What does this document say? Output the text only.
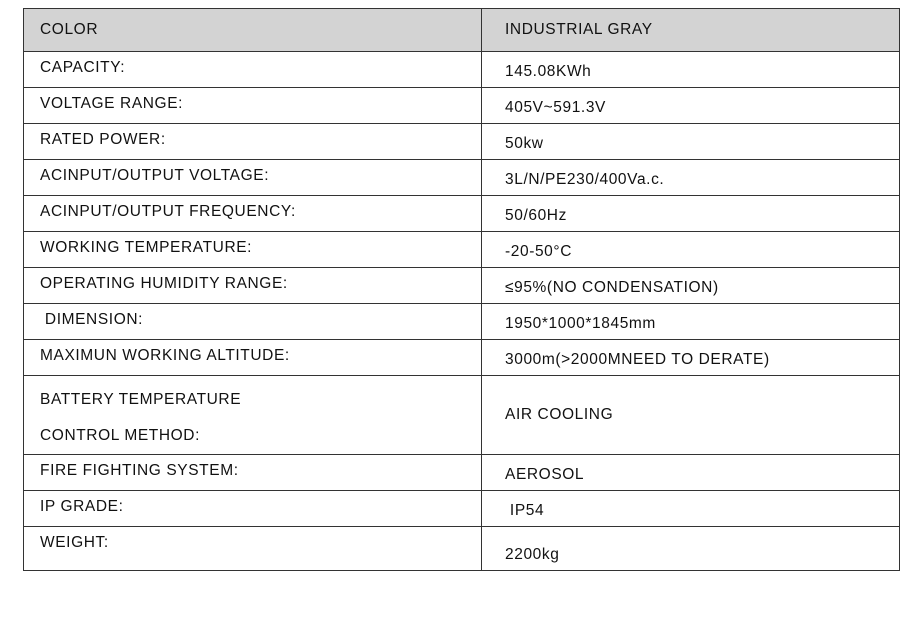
COLOR	INDUSTRIAL GRAY
CAPACITY:	145.08KWh
VOLTAGE RANGE:	405V~591.3V
RATED POWER:	50kw
ACINPUT/OUTPUT VOLTAGE:	3L/N/PE230/400Va.c.
ACINPUT/OUTPUT FREQUENCY:	50/60Hz
WORKING TEMPERATURE:	-20-50°C
OPERATING HUMIDITY RANGE:	≤95%(NO CONDENSATION)
DIMENSION:	1950*1000*1845mm
MAXIMUN WORKING ALTITUDE:	3000m(>2000MNEED TO DERATE)

BATTERY TEMPERATURE
CONTROL METHOD:	AIR COOLING
FIRE FIGHTING SYSTEM:	AEROSOL
IP GRADE:	IP54
WEIGHT:	2200kg
